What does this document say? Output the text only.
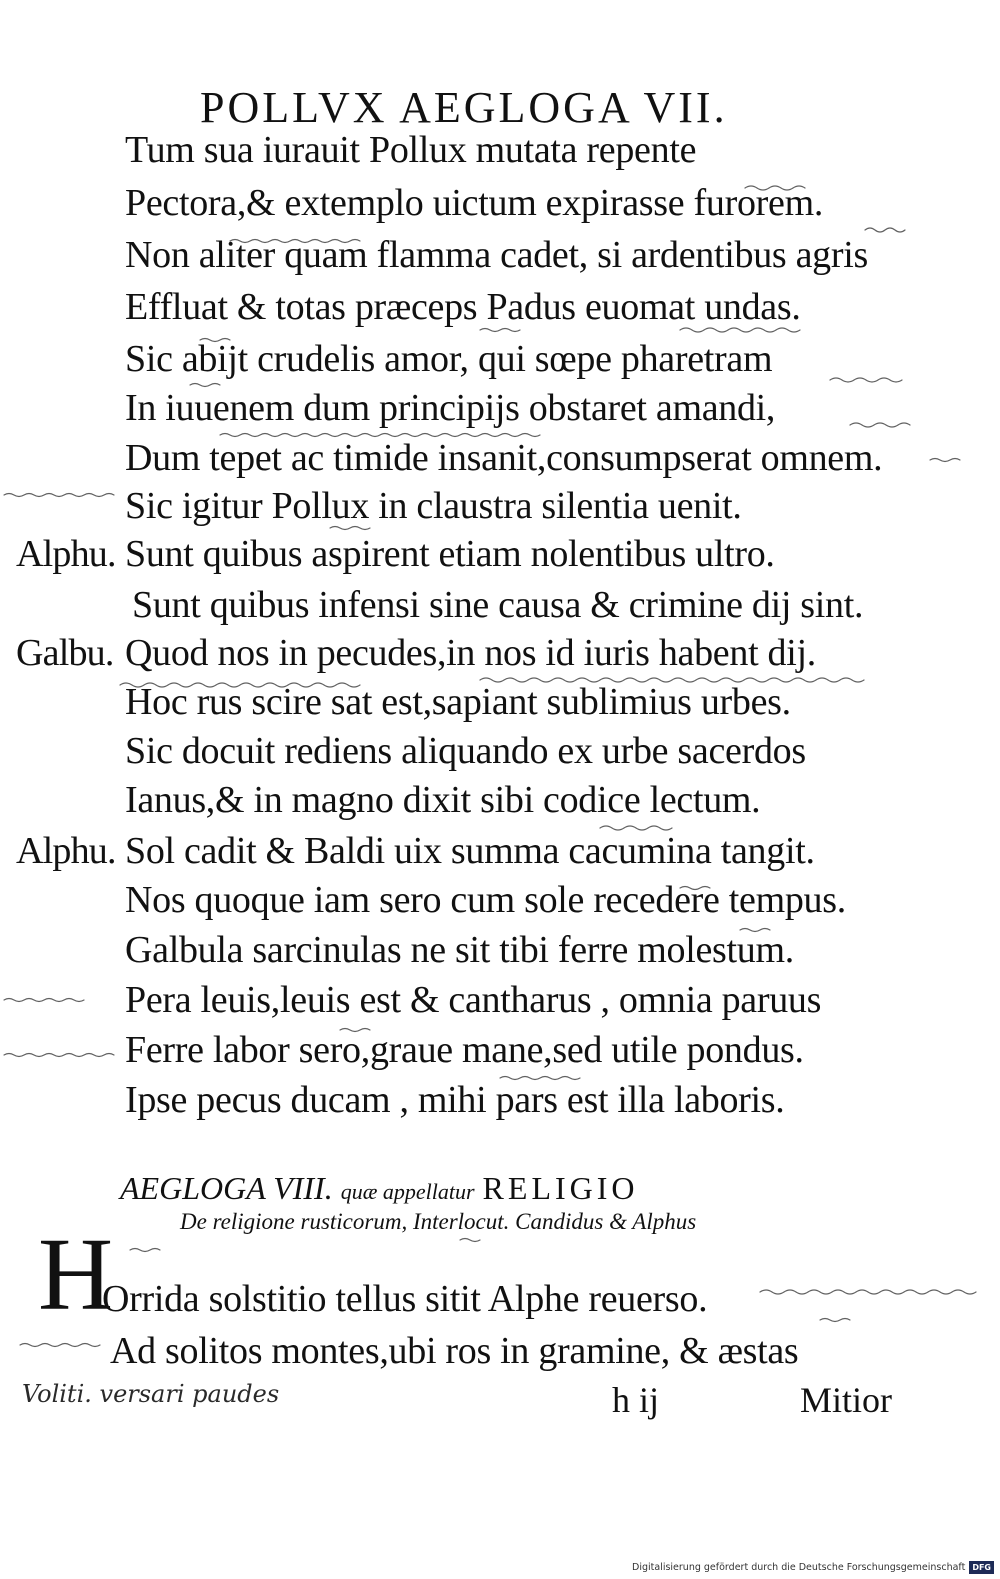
POLLVX AEGLOGA VII.
Tum sua iurauit Pollux mutata repente
Pectora,& extemplo uictum expirasse furorem.
Non aliter quam flamma cadet, si ardentibus agris
Effluat & totas præceps Padus euomat undas.
Sic abijt crudelis amor, qui sœpe pharetram
In iuuenem dum principijs obstaret amandi,
Dum tepet ac timide insanit,consumpserat omnem.
Sic igitur Pollux in claustra silentia uenit.
Alphu. Sunt quibus aspirent etiam nolentibus ultro.
Sunt quibus infensi sine causa & crimine dij sint.
Galbu. Quod nos in pecudes,in nos id iuris habent dij.
Hoc rus scire sat est,sapiant sublimius urbes.
Sic docuit rediens aliquando ex urbe sacerdos
Ianus,& in magno dixit sibi codice lectum.
Alphu. Sol cadit & Baldi uix summa cacumina tangit.
Nos quoque iam sero cum sole recedere tempus.
Galbula sarcinulas ne sit tibi ferre molestum.
Pera leuis,leuis est & cantharus , omnia paruus
Ferre labor sero,graue mane,sed utile pondus.
Ipse pecus ducam , mihi pars est illa laboris.
AEGLOGA VIII. quæ appellatur RELIGIO
De religione rusticorum, Interlocut. Candidus & Alphus
H
Orrida solstitio tellus sitit Alphe reuerso.
Ad solitos montes,ubi ros in gramine, & æstas
h ij	Mitior
Voliti. versari paudes
Digitalisierung gefördert durch die Deutsche Forschungsgemeinschaft DFG
